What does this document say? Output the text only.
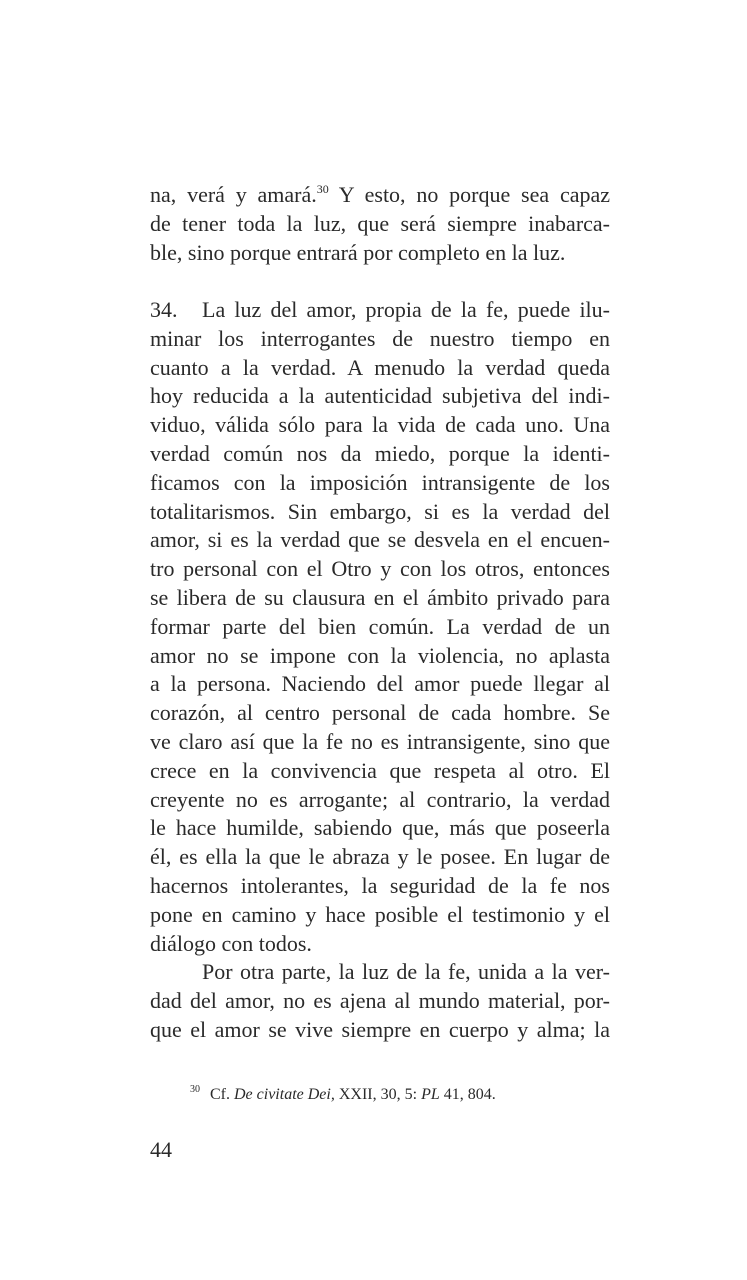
na, verá y amará.$^{30}$ Y esto, no porque sea capaz
de tener toda la luz, que será siempre inabarca-
ble, sino porque entrará por completo en la luz.
34. La luz del amor, propia de la fe, puede ilu-
minar los interrogantes de nuestro tiempo en
cuanto a la verdad. A menudo la verdad queda
hoy reducida a la autenticidad subjetiva del indi-
viduo, válida sólo para la vida de cada uno. Una
verdad común nos da miedo, porque la identi-
ficamos con la imposición intransigente de los
totalitarismos. Sin embargo, si es la verdad del
amor, si es la verdad que se desvela en el encuen-
tro personal con el Otro y con los otros, entonces
se libera de su clausura en el ámbito privado para
formar parte del bien común. La verdad de un
amor no se impone con la violencia, no aplasta
a la persona. Naciendo del amor puede llegar al
corazón, al centro personal de cada hombre. Se
ve claro así que la fe no es intransigente, sino que
crece en la convivencia que respeta al otro. El
creyente no es arrogante; al contrario, la verdad
le hace humilde, sabiendo que, más que poseerla
él, es ella la que le abraza y le posee. En lugar de
hacernos intolerantes, la seguridad de la fe nos
pone en camino y hace posible el testimonio y el
diálogo con todos.
Por otra parte, la luz de la fe, unida a la ver-
dad del amor, no es ajena al mundo material, por-
que el amor se vive siempre en cuerpo y alma; la
$^{30}$ Cf. De civitate Dei, XXII, 30, 5: PL 41, 804.
44
